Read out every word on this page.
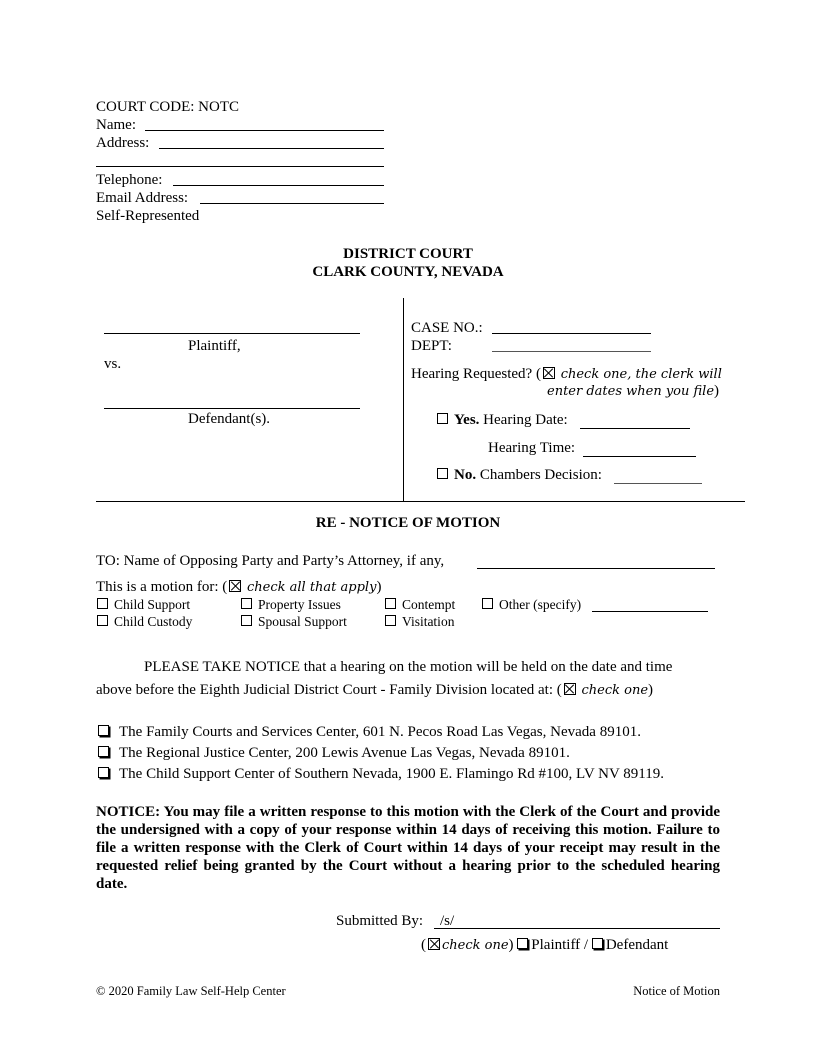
COURT CODE: NOTC
Name:
Address:
Telephone:
Email Address:
Self-Represented
DISTRICT COURT
CLARK COUNTY, NEVADA
Plaintiff,
vs.
Defendant(s).
CASE NO.:
DEPT:
Hearing Requested? ( check one, the clerk will
enter dates when you file)
Yes. Hearing Date:
Hearing Time:
No. Chambers Decision:
RE - NOTICE OF MOTION
TO: Name of Opposing Party and Party’s Attorney, if any,
This is a motion for: ( check all that apply)
Child Support	Property Issues	Contempt	Other (specify)
Child Custody	Spousal Support	Visitation
PLEASE TAKE NOTICE that a hearing on the motion will be held on the date and time
above before the Eighth Judicial District Court - Family Division located at: ( check one)
The Family Courts and Services Center, 601 N. Pecos Road Las Vegas, Nevada 89101.
The Regional Justice Center, 200 Lewis Avenue Las Vegas, Nevada 89101.
The Child Support Center of Southern Nevada, 1900 E. Flamingo Rd #100, LV NV 89119.
NOTICE: You may file a written response to this motion with the Clerk of the Court and provide the undersigned with a copy of your response within 14 days of receiving this motion. Failure to file a written response with the Clerk of Court within 14 days of your receipt may result in the requested relief being granted by the Court without a hearing prior to the scheduled hearing date.
Submitted By:	/s/
( check one) Plaintiff / Defendant
© 2020 Family Law Self-Help Center	Notice of Motion
